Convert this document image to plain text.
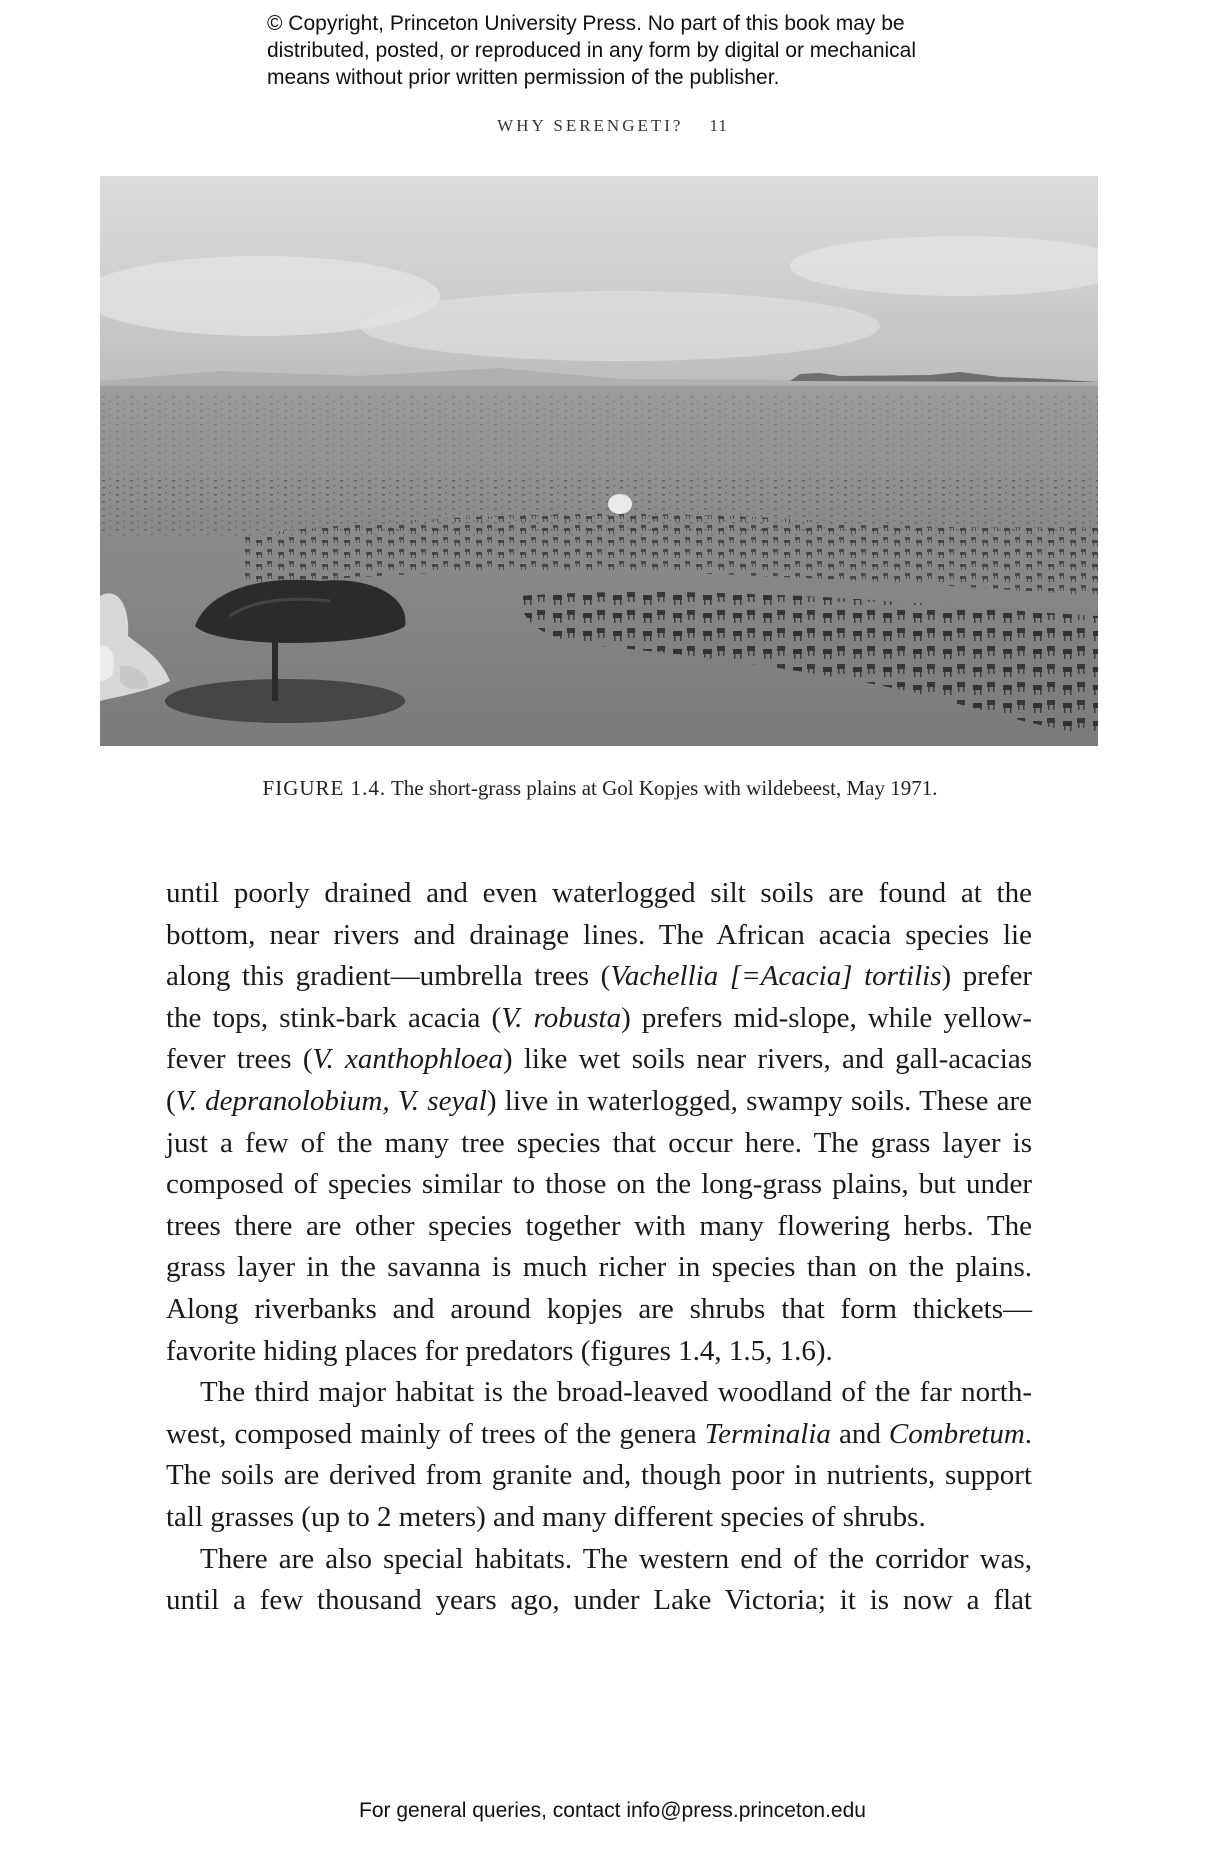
© Copyright, Princeton University Press. No part of this book may be
distributed, posted, or reproduced in any form by digital or mechanical
means without prior written permission of the publisher.
WHY SERENGETI? 11
FIGURE 1.4. The short-grass plains at Gol Kopjes with wildebeest, May 1971.
until poorly drained and even waterlogged silt soils are found at the
bottom, near rivers and drainage lines. The African acacia species lie
along this gradient—umbrella trees (Vachellia [=Acacia] tortilis) prefer
the tops, stink-bark acacia (V. robusta) prefers mid-slope, while yellow-
fever trees (V. xanthophloea) like wet soils near rivers, and gall-acacias
(V. depranolobium, V. seyal) live in waterlogged, swampy soils. These are
just a few of the many tree species that occur here. The grass layer is
composed of species similar to those on the long-grass plains, but under
trees there are other species together with many flowering herbs. The
grass layer in the savanna is much richer in species than on the plains.
Along riverbanks and around kopjes are shrubs that form thickets—
favorite hiding places for predators (figures 1.4, 1.5, 1.6).
The third major habitat is the broad-leaved woodland of the far north-
west, composed mainly of trees of the genera Terminalia and Combretum.
The soils are derived from granite and, though poor in nutrients, support
tall grasses (up to 2 meters) and many different species of shrubs.
There are also special habitats. The western end of the corridor was,
until a few thousand years ago, under Lake Victoria; it is now a flat
For general queries, contact info@press.princeton.edu
